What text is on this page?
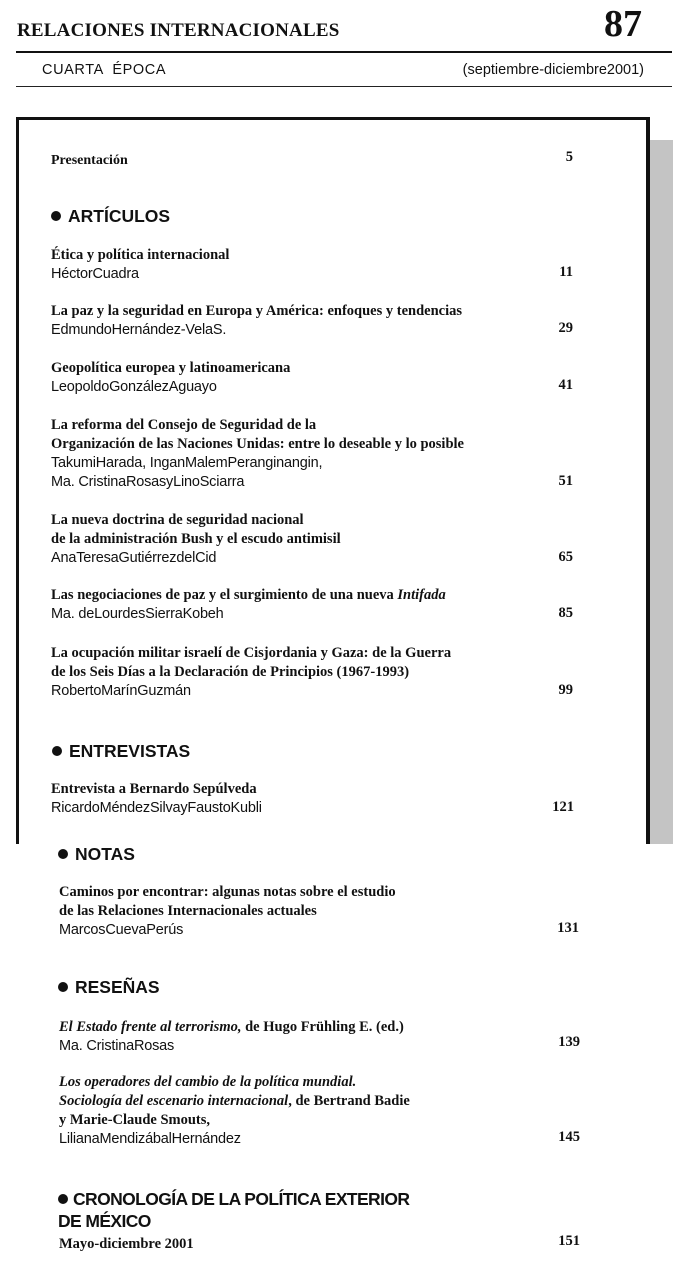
RELACIONES INTERNACIONALES	87
CUARTA  ÉPOCA	(septiembre-diciembre2001)
Presentación	5
ARTÍCULOS
Ética y política internacional
HéctorCuadra	11
La paz y la seguridad en Europa y América: enfoques y tendencias
EdmundoHernández-VelaS.	29
Geopolítica europea y latinoamericana
LeopoldoGonzálezAguayo	41
La reforma del Consejo de Seguridad de la
Organización de las Naciones Unidas: entre lo deseable y lo posible
TakumiHarada, InganMalemPeranginangin,
Ma. CristinaRosasyLinoSciarra	51
La nueva doctrina de seguridad nacional
de la administración Bush y el escudo antimisil
AnaTeresaGutiérrezdelCid	65
Las negociaciones de paz y el surgimiento de una nueva Intifada
Ma. deLourdesSierraKobeh	85
La ocupación militar israelí de Cisjordania y Gaza: de la Guerra
de los Seis Días a la Declaración de Principios (1967-1993)
RobertoMarínGuzmán	99
ENTREVISTAS
Entrevista a Bernardo Sepúlveda
RicardoMéndezSilvayFaustoKubli	121
NOTAS
Caminos por encontrar: algunas notas sobre el estudio
de las Relaciones Internacionales actuales
MarcosCuevaPerús	131
RESEÑAS
El Estado frente al terrorismo, de Hugo Frühling E. (ed.)
Ma. CristinaRosas	139
Los operadores del cambio de la política mundial.
Sociología del escenario internacional, de Bertrand Badie
y Marie-Claude Smouts,
LilianaMendizábalHernández	145
CRONOLOGÍA DE LA POLÍTICA EXTERIOR
DE MÉXICO
Mayo-diciembre 2001	151
